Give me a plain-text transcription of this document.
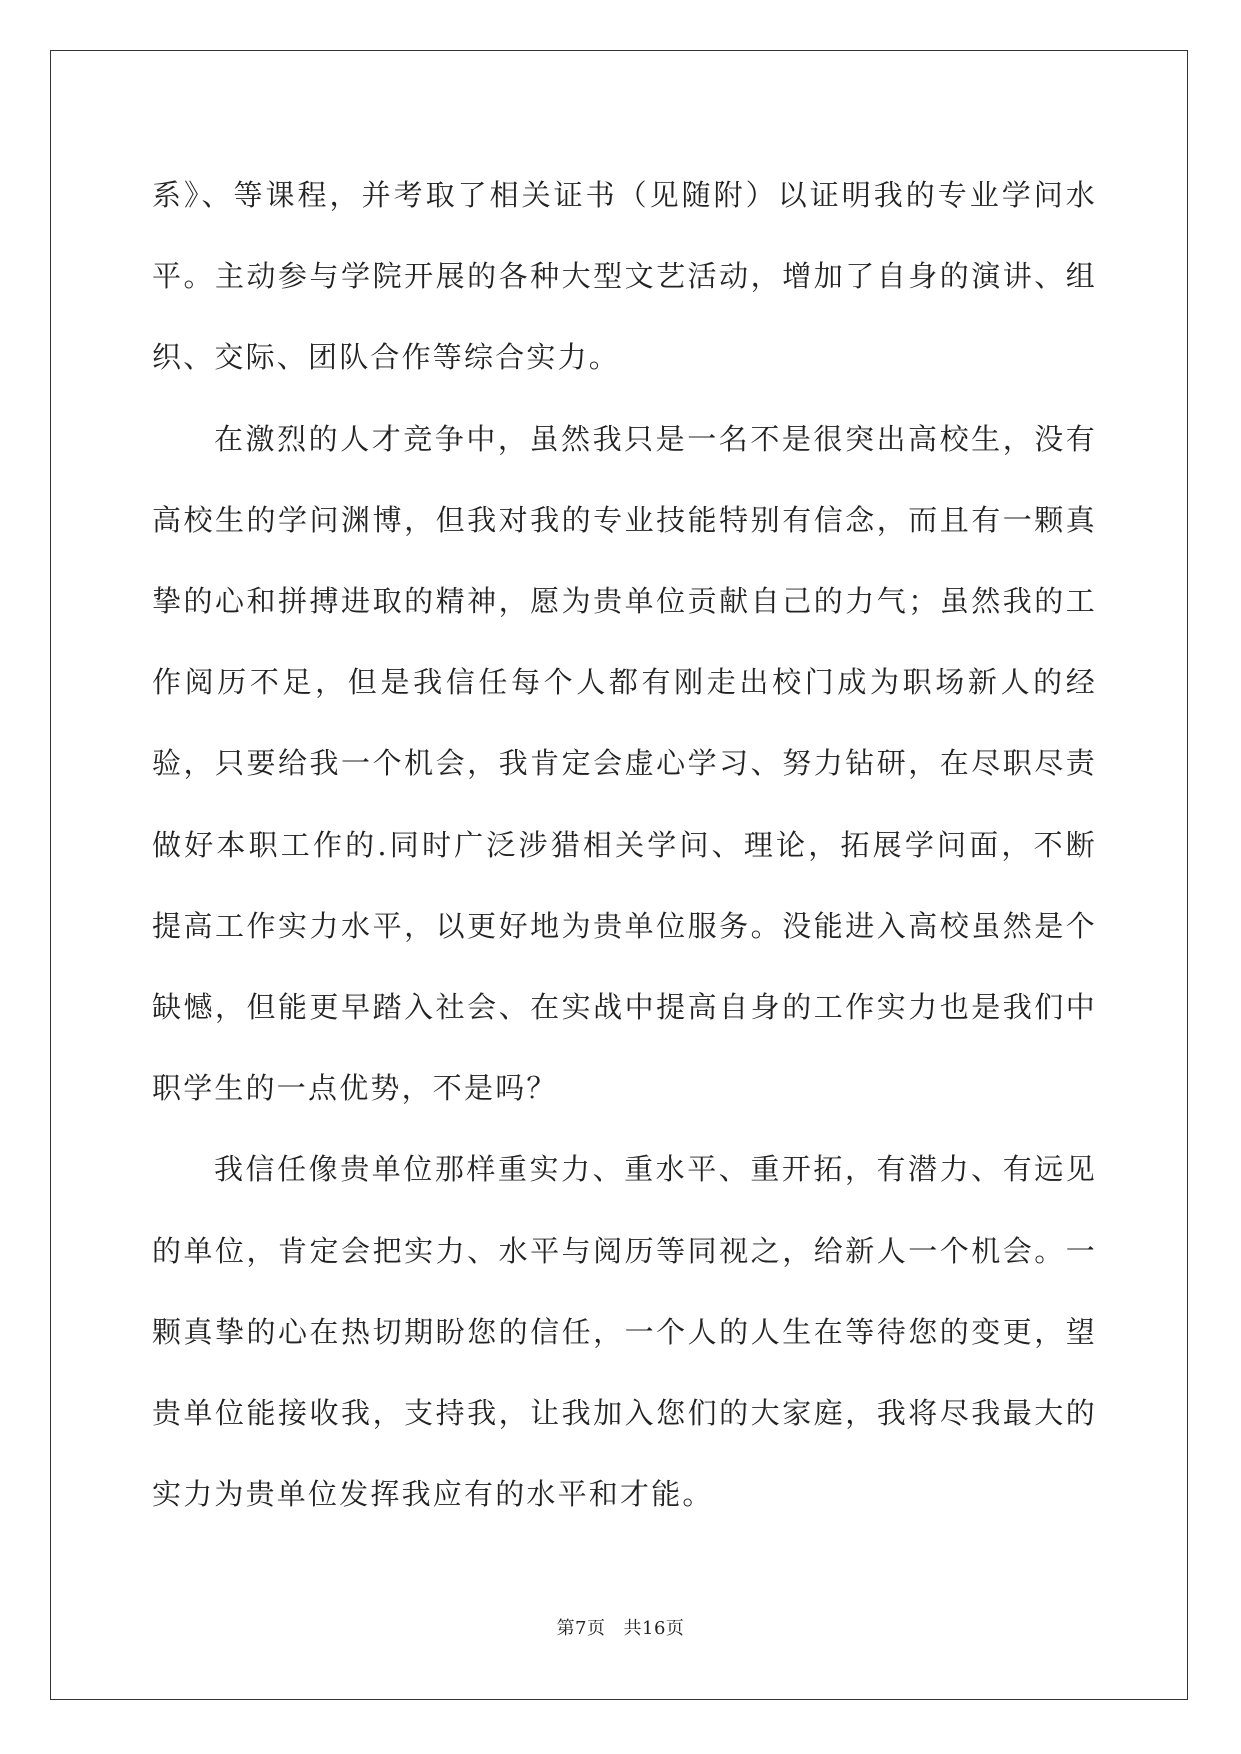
系》、等课程，并考取了相关证书（见随附）以证明我的专业学问水平。主动参与学院开展的各种大型文艺活动，增加了自身的演讲、组织、交际、团队合作等综合实力。

在激烈的人才竞争中，虽然我只是一名不是很突出高校生，没有高校生的学问渊博，但我对我的专业技能特别有信念，而且有一颗真挚的心和拼搏进取的精神，愿为贵单位贡献自己的力气；虽然我的工作阅历不足，但是我信任每个人都有刚走出校门成为职场新人的经验，只要给我一个机会，我肯定会虚心学习、努力钻研，在尽职尽责做好本职工作的.同时广泛涉猎相关学问、理论，拓展学问面，不断提高工作实力水平，以更好地为贵单位服务。没能进入高校虽然是个缺憾，但能更早踏入社会、在实战中提高自身的工作实力也是我们中职学生的一点优势，不是吗？

我信任像贵单位那样重实力、重水平、重开拓，有潜力、有远见的单位，肯定会把实力、水平与阅历等同视之，给新人一个机会。一颗真挚的心在热切期盼您的信任，一个人的人生在等待您的变更，望贵单位能接收我，支持我，让我加入您们的大家庭，我将尽我最大的实力为贵单位发挥我应有的水平和才能。

第7页 共16页
